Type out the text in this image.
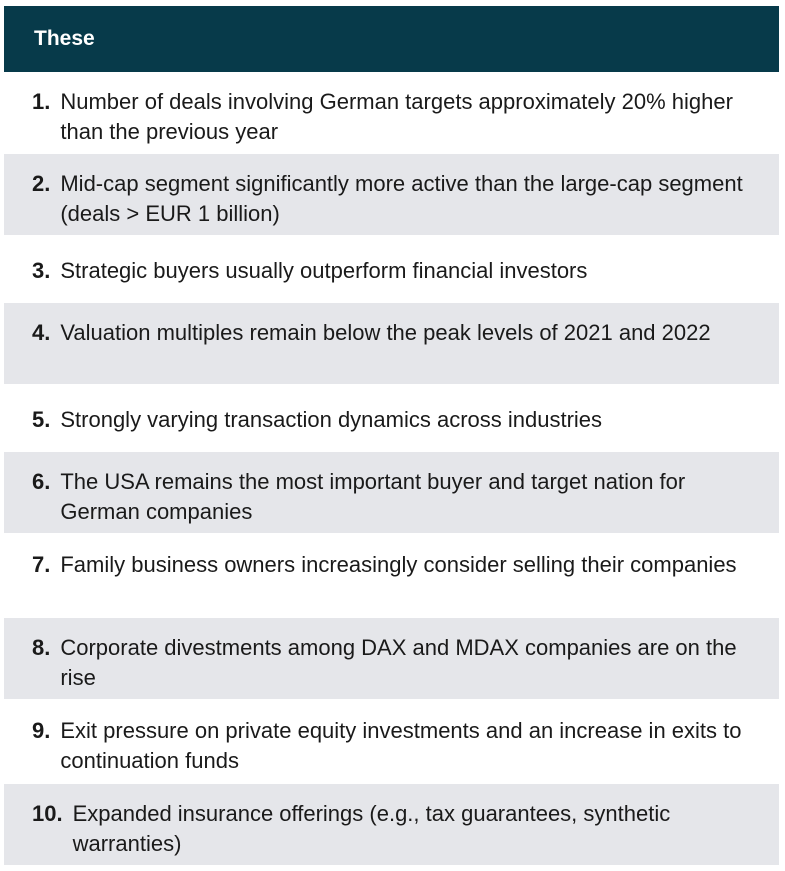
These
1. Number of deals involving German targets approximately 20% higher than the previous year
2. Mid-cap segment significantly more active than the large-cap segment (deals > EUR 1 billion)
3. Strategic buyers usually outperform financial investors
4. Valuation multiples remain below the peak levels of 2021 and 2022
5. Strongly varying transaction dynamics across industries
6. The USA remains the most important buyer and target nation for German companies
7. Family business owners increasingly consider selling their companies
8. Corporate divestments among DAX and MDAX companies are on the rise
9. Exit pressure on private equity investments and an increase in exits to continuation funds
10. Expanded insurance offerings (e.g., tax guarantees, synthetic warranties)
